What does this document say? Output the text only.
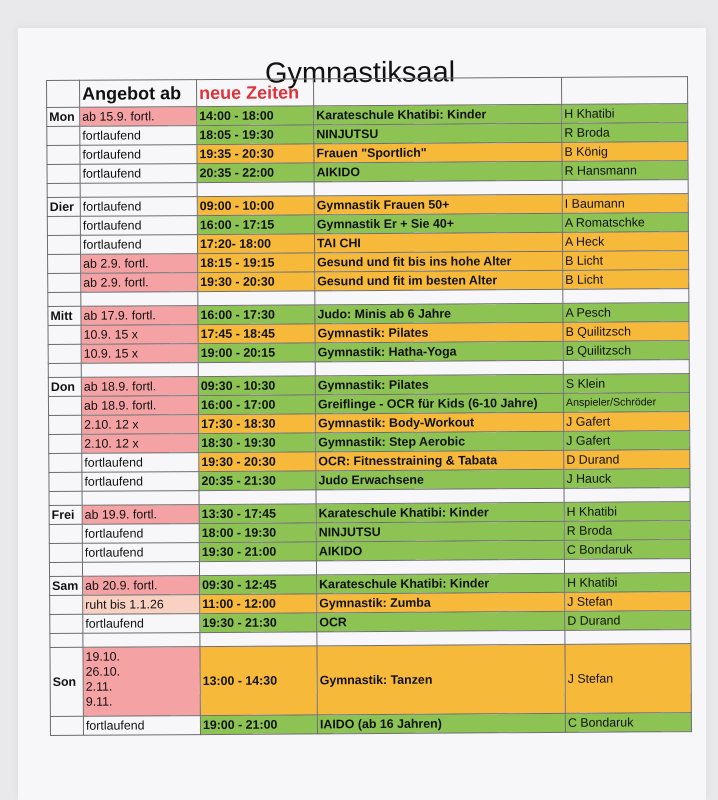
Gymnastiksaal
	Angebot ab	neue Zeiten		
Mon	ab 15.9. fortl.	14:00 - 18:00	Karateschule Khatibi: Kinder	H Khatibi
	fortlaufend	18:05 - 19:30	NINJUTSU	R Broda
	fortlaufend	19:35 - 20:30	Frauen "Sportlich"	B König
	fortlaufend	20:35 - 22:00	AIKIDO	R Hansmann

Dier	fortlaufend	09:00 - 10:00	Gymnastik Frauen 50+	I Baumann
	fortlaufend	16:00 - 17:15	Gymnastik Er + Sie 40+	A Romatschke
	fortlaufend	17:20- 18:00	TAI CHI	A Heck
	ab 2.9. fortl.	18:15 - 19:15	Gesund und fit bis ins hohe Alter	B Licht
	ab 2.9. fortl.	19:30 - 20:30	Gesund und fit im besten Alter	B Licht

Mitt	ab 17.9. fortl.	16:00 - 17:30	Judo: Minis ab 6 Jahre	A Pesch
	10.9. 15 x	17:45 - 18:45	Gymnastik: Pilates	B Quilitzsch
	10.9. 15 x	19:00 - 20:15	Gymnastik: Hatha-Yoga	B Quilitzsch

Don	ab 18.9. fortl.	09:30 - 10:30	Gymnastik: Pilates	S Klein
	ab 18.9. fortl.	16:00 - 17:00	Greiflinge - OCR für Kids (6-10 Jahre)	Anspieler/Schröder
	2.10. 12 x	17:30 - 18:30	Gymnastik: Body-Workout	J Gafert
	2.10. 12 x	18:30 - 19:30	Gymnastik: Step Aerobic	J Gafert
	fortlaufend	19:30 - 20:30	OCR: Fitnesstraining & Tabata	D Durand
	fortlaufend	20:35 - 21:30	Judo Erwachsene	J Hauck

Frei	ab 19.9. fortl.	13:30 - 17:45	Karateschule Khatibi: Kinder	H Khatibi
	fortlaufend	18:00 - 19:30	NINJUTSU	R Broda
	fortlaufend	19:30 - 21:00	AIKIDO	C Bondaruk

Sam	ab 20.9. fortl.	09:30 - 12:45	Karateschule Khatibi: Kinder	H Khatibi
	ruht bis 1.1.26	11:00 - 12:00	Gymnastik: Zumba	J Stefan
	fortlaufend	19:30 - 21:30	OCR	D Durand

Son	19.10.
26.10.
2.11.
9.11.	13:00 - 14:30	Gymnastik: Tanzen	J Stefan
	fortlaufend	19:00 - 21:00	IAIDO (ab 16 Jahren)	C Bondaruk
